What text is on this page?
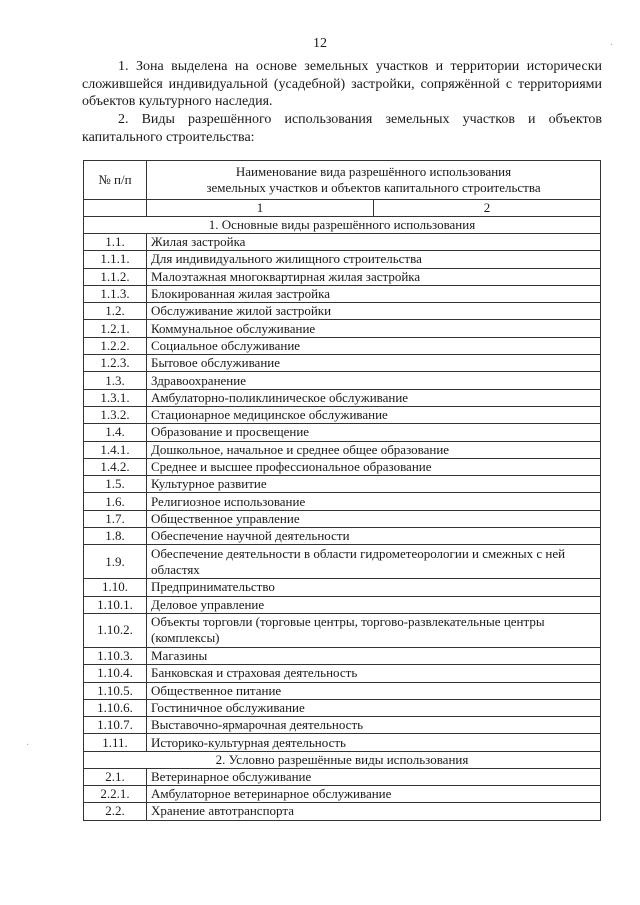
12

1. Зона выделена на основе земельных участков и территории исторически сложившейся индивидуальной (усадебной) застройки, сопряжённой с территориями объектов культурного наследия.

2. Виды разрешённого использования земельных участков и объектов капитального строительства:

№ п/п	Наименование вида разрешённого использования
земельных участков и объектов капитального строительства

	1 2

1. Основные виды разрешённого использования	
1.1.	Жилая застройка
1.1.1.	Для индивидуального жилищного строительства
1.1.2.	Малоэтажная многоквартирная жилая застройка
1.1.3.	Блокированная жилая застройка
1.2.	Обслуживание жилой застройки
1.2.1.	Коммунальное обслуживание
1.2.2.	Социальное обслуживание
1.2.3.	Бытовое обслуживание
1.3.	Здравоохранение
1.3.1.	Амбулаторно-поликлиническое обслуживание
1.3.2.	Стационарное медицинское обслуживание
1.4.	Образование и просвещение
1.4.1.	Дошкольное, начальное и среднее общее образование
1.4.2.	Среднее и высшее профессиональное образование
1.5.	Культурное развитие
1.6.	Религиозное использование
1.7.	Общественное управление
1.8.	Обеспечение научной деятельности
1.9.	Обеспечение деятельности в области гидрометеорологии и смежных с ней областях
1.10.	Предпринимательство
1.10.1.	Деловое управление
1.10.2.	Объекты торговли (торговые центры, торгово-развлекательные центры (комплексы)
1.10.3.	Магазины
1.10.4.	Банковская и страховая деятельность
1.10.5.	Общественное питание
1.10.6.	Гостиничное обслуживание
1.10.7.	Выставочно-ярмарочная деятельность
1.11.	Историко-культурная деятельность
2. Условно разрешённые виды использования	
2.1.	Ветеринарное обслуживание
2.2.1.	Амбулаторное ветеринарное обслуживание
2.2.	Хранение автотранспорта
·
·
